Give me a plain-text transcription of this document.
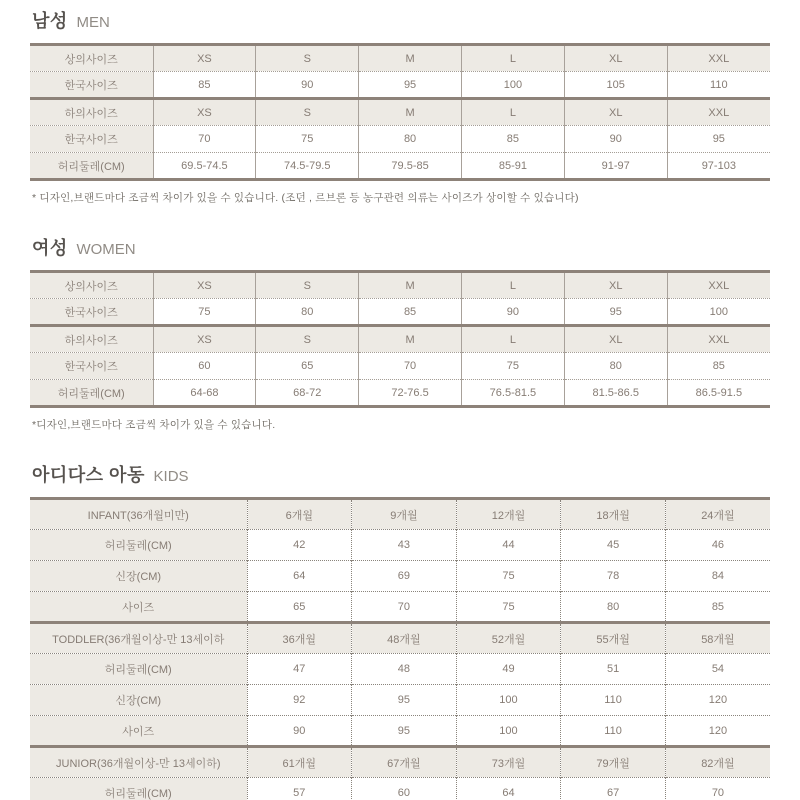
남성 MEN
상의사이즈	XS	S	M	L	XL	XXL
한국사이즈	85	90	95	100	105	110
하의사이즈	XS	S	M	L	XL	XXL
한국사이즈	70	75	80	85	90	95
허리둘레(CM)	69.5-74.5	74.5-79.5	79.5-85	85-91	91-97	97-103

* 디자인,브랜드마다 조금씩 차이가 있을 수 있습니다. (조던 , 르브론 등 농구관련 의류는 사이즈가 상이할 수 있습니다)

여성 WOMEN
상의사이즈	XS	S	M	L	XL	XXL
한국사이즈	75	80	85	90	95	100
하의사이즈	XS	S	M	L	XL	XXL
한국사이즈	60	65	70	75	80	85
허리둘레(CM)	64-68	68-72	72-76.5	76.5-81.5	81.5-86.5	86.5-91.5

*디자인,브랜드마다 조금씩 차이가 있을 수 있습니다.

아디다스 아동 KIDS
INFANT(36개월미만)	6개월	9개월	12개월	18개월	24개월
허리둘레(CM)	42	43	44	45	46
신장(CM)	64	69	75	78	84
사이즈	65	70	75	80	85
TODDLER(36개월이상-만 13세이하	36개월	48개월	52개월	55개월	58개월
허리둘레(CM)	47	48	49	51	54
신장(CM)	92	95	100	110	120
사이즈	90	95	100	110	120
JUNIOR(36개월이상-만 13세이하)	61개월	67개월	73개월	79개월	82개월
허리둘레(CM)	57	60	64	67	70
